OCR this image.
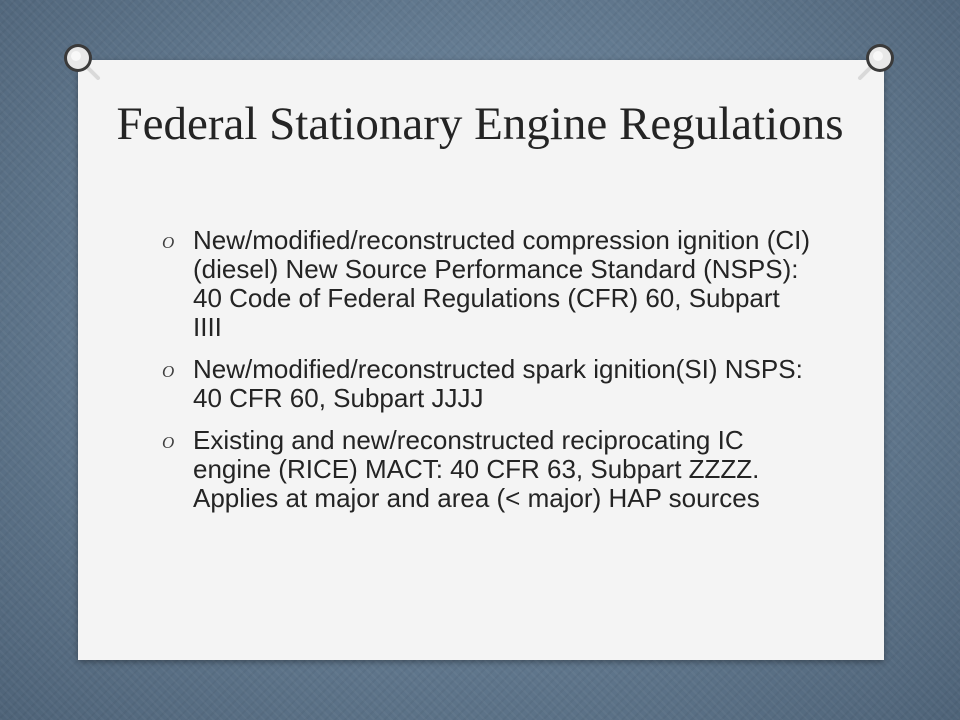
Federal Stationary Engine Regulations
O New/modified/reconstructed compression ignition (CI) (diesel) New Source Performance Standard (NSPS): 40 Code of Federal Regulations (CFR) 60, Subpart IIII
O New/modified/reconstructed spark ignition(SI) NSPS: 40 CFR 60, Subpart JJJJ
O Existing and new/reconstructed reciprocating IC engine (RICE) MACT: 40 CFR 63, Subpart ZZZZ. Applies at major and area (< major) HAP sources
